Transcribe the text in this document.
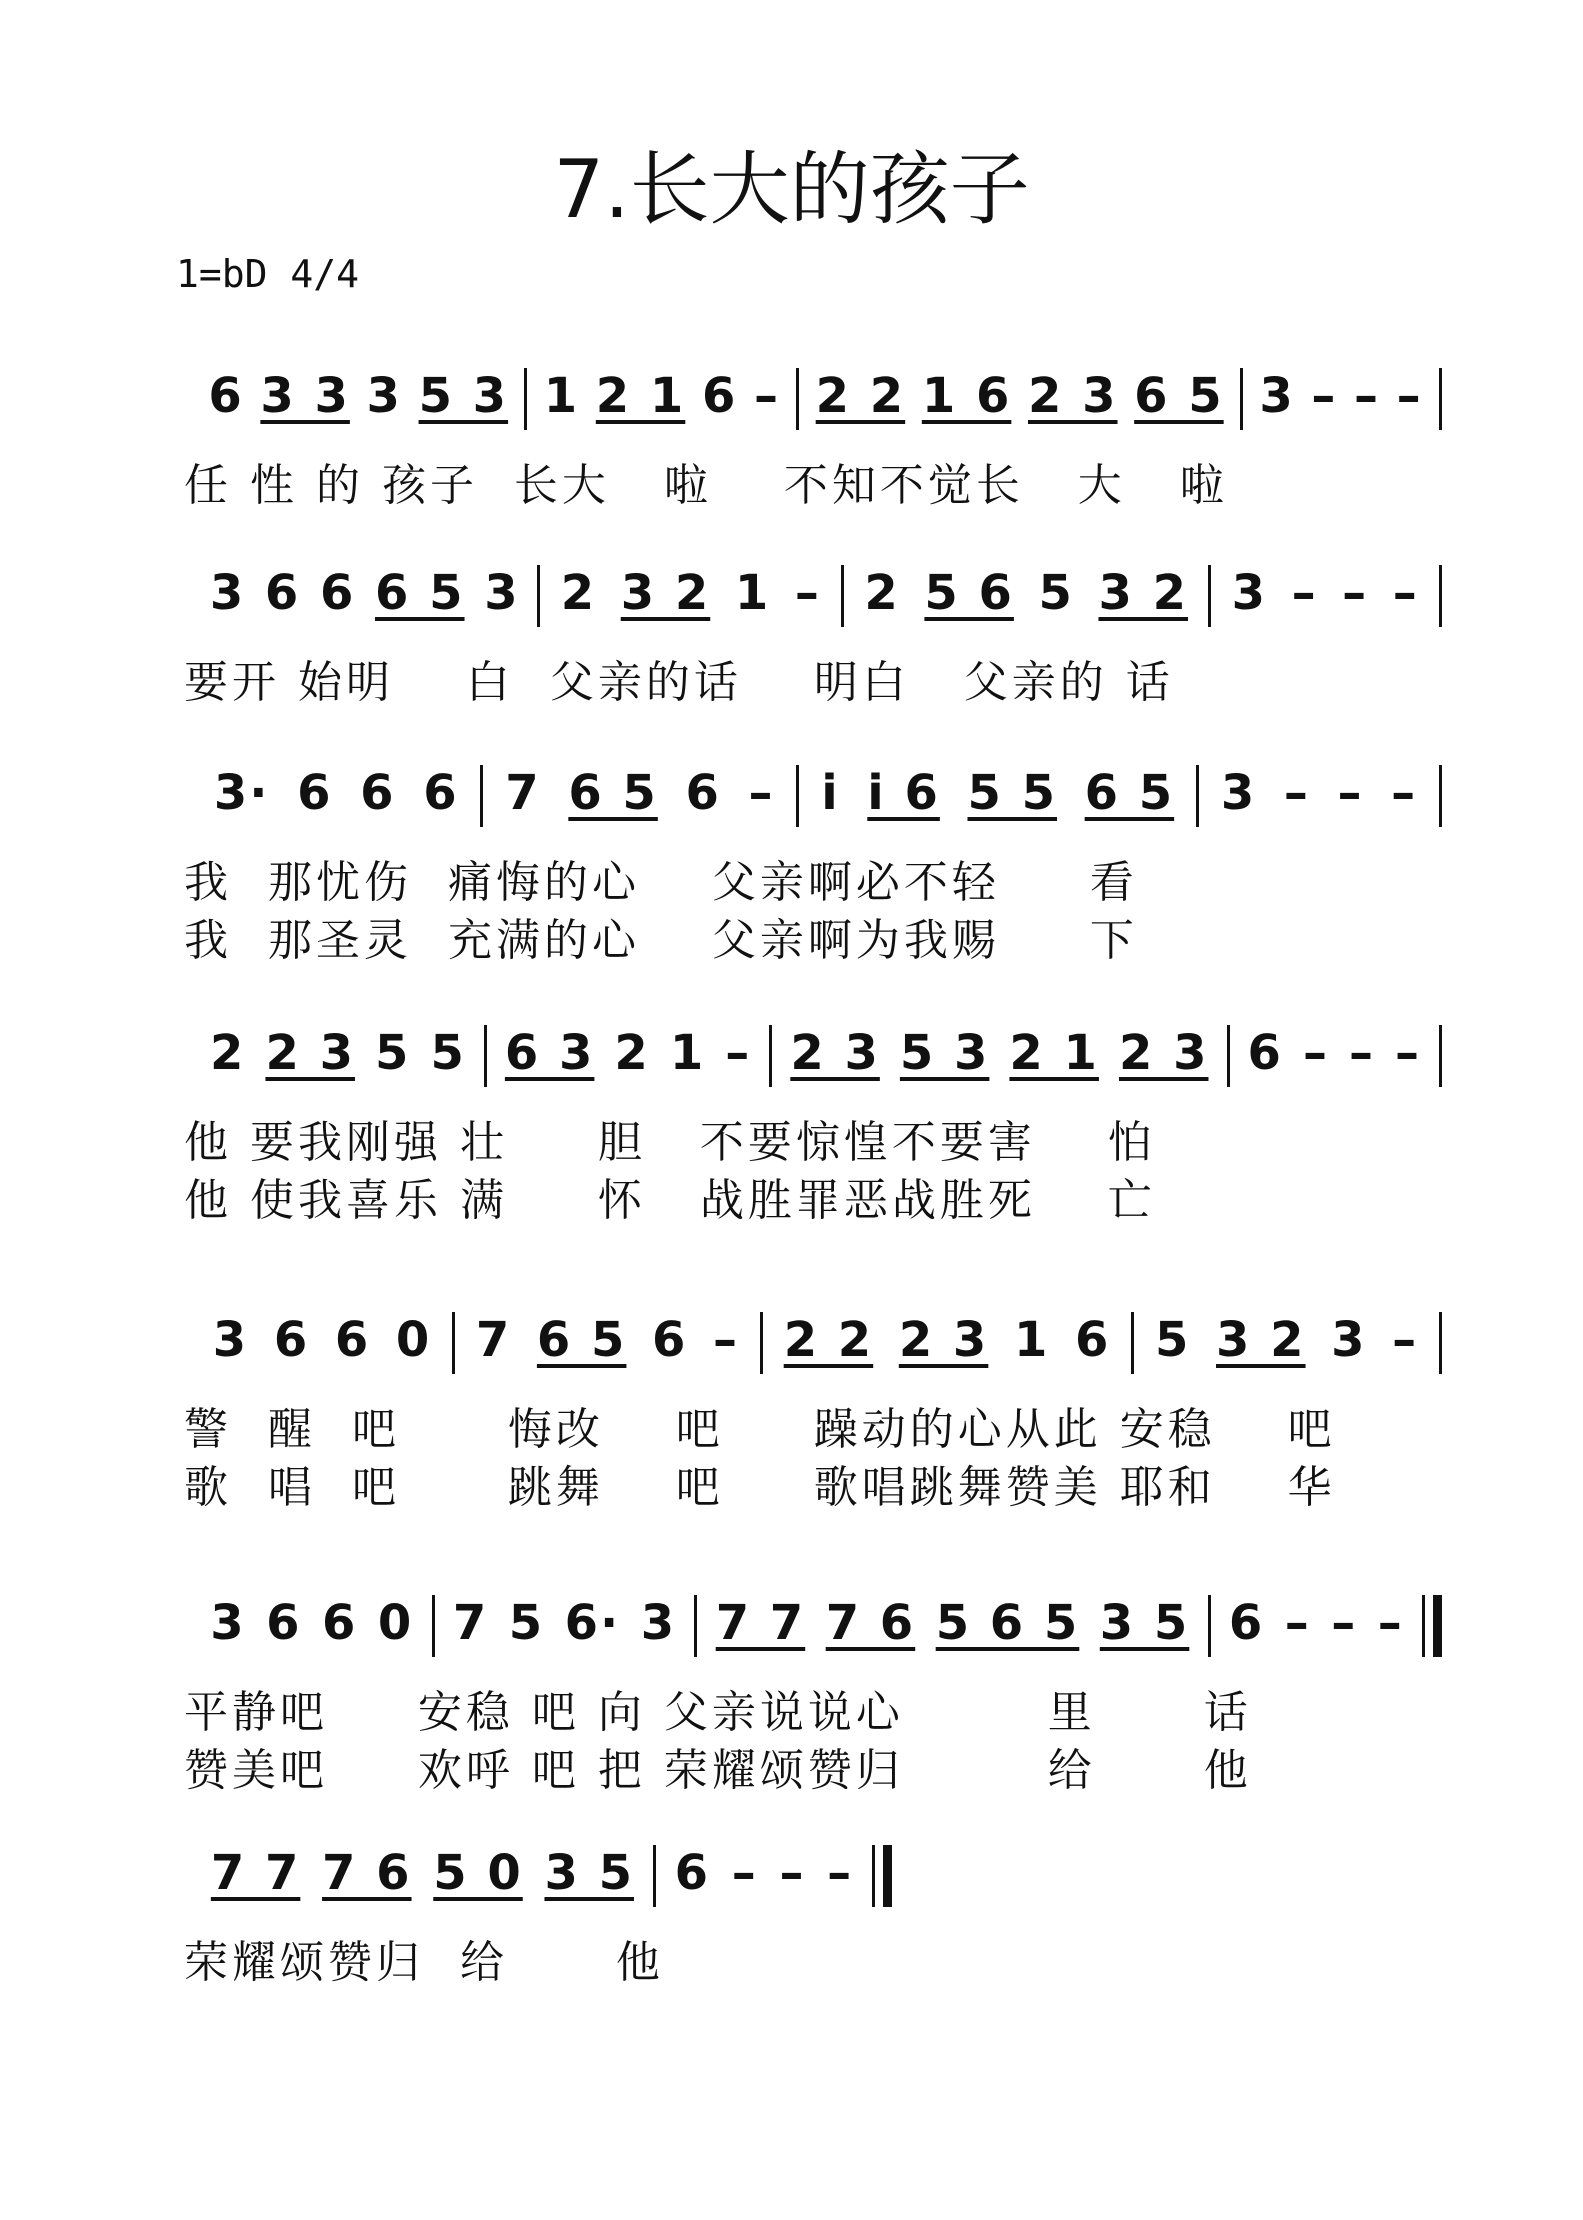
7.长大的孩子
1=bD 4/4
6 3 3 3 5 3 1 2 1 6 – 2 2 1 6 2 3 6 5 3 – – –
任 性 的 孩子  长大   啦    不知不觉长   大   啦
3 6 6 6 5 3 2 3 2 1 – 2 5 6 5 3 2 3 – – –
要开 始明    白  父亲的话    明白   父亲的 话
3· 6 6 6 7 6 5 6 – i i 6 5 5 6 5 3 – – –
我  那忧伤  痛悔的心    父亲啊必不轻     看
我  那圣灵  充满的心    父亲啊为我赐     下
2 2 3 5 5 6 3 2 1 – 2 3 5 3 2 1 2 3 6 – – –
他 要我刚强 壮     胆   不要惊惶不要害    怕
他 使我喜乐 满     怀   战胜罪恶战胜死    亡
3 6 6 0 7 6 5 6 – 2 2 2 3 1 6 5 3 2 3 –
警  醒  吧      悔改    吧     躁动的心从此 安稳    吧
歌  唱  吧      跳舞    吧     歌唱跳舞赞美 耶和    华
3 6 6 0 7 5 6· 3 7 7 7 6 5 6 5 3 5 6 – – –
平静吧     安稳 吧 向 父亲说说心        里      话
赞美吧     欢呼 吧 把 荣耀颂赞归        给      他
7 7 7 6 5 0 3 5 6 – – –
荣耀颂赞归  给      他
